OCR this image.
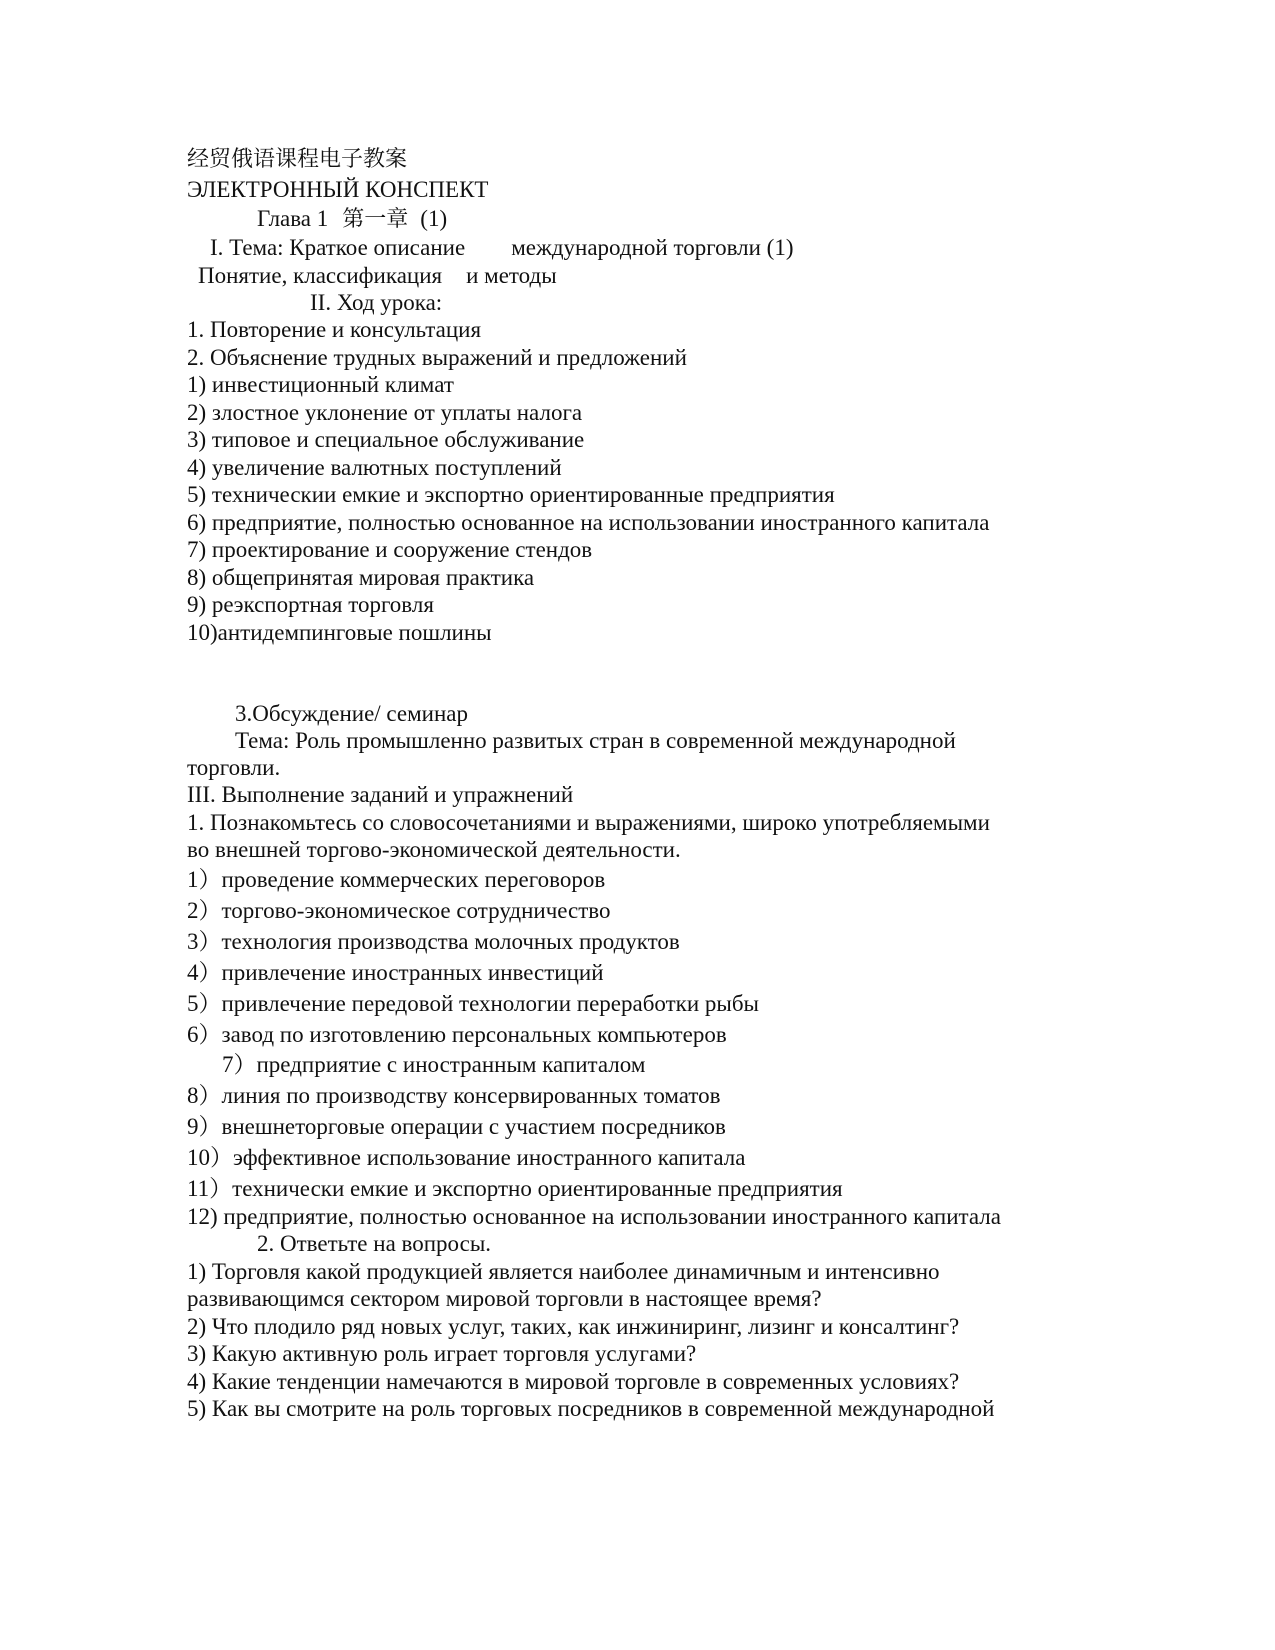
经贸俄语课程电子教案
ЭЛЕКТРОННЫЙ КОНСПЕКТ
Глава 1 第一章 (1)
I. Тема: Краткое описание международной торговли (1)
Понятие, классификация и методы
II. Ход урока:
1. Повторение и консультация
2. Объяснение трудных выражений и предложений
1) инвестиционный климат
2) злостное уклонение от уплаты налога
3) типовое и специальное обслуживание
4) увеличение валютных поступлений
5) техническии емкие и экспортно ориентированные предприятия
6) предприятие, полностью основанное на использовании иностранного капитала
7) проектирование и сооружение стендов
8) общепринятая мировая практика
9) реэкспортная торговля
10)антидемпинговые пошлины
3.Обсуждение/ семинар
Тема: Роль промышленно развитых стран в современной международной
торговли.
III. Выполнение заданий и упражнений
1. Познакомьтесь со словосочетаниями и выражениями, широко употребляемыми
во внешней торгово-экономической деятельности.
1）проведение коммерческих переговоров
2）торгово-экономическое сотрудничество
3）технология производства молочных продуктов
4）привлечение иностранных инвестиций
5）привлечение передовой технологии переработки рыбы
6）завод по изготовлению персональных компьютеров
7）предприятие с иностранным капиталом
8）линия по производству консервированных томатов
9）внешнеторговые операции с участием посредников
10）эффективное использование иностранного капитала
11）технически емкие и экспортно ориентированные предприятия
12) предприятие, полностью основанное на использовании иностранного капитала
2. Ответьте на вопросы.
1) Торговля какой продукцией является наиболее динамичным и интенсивно
развивающимся сектором мировой торговли в настоящее время?
2) Что плодило ряд новых услуг, таких, как инжиниринг, лизинг и консалтинг?
3) Какую активную роль играет торговля услугами?
4) Какие тенденции намечаются в мировой торговле в современных условиях?
5) Как вы смотрите на роль торговых посредников в современной международной
